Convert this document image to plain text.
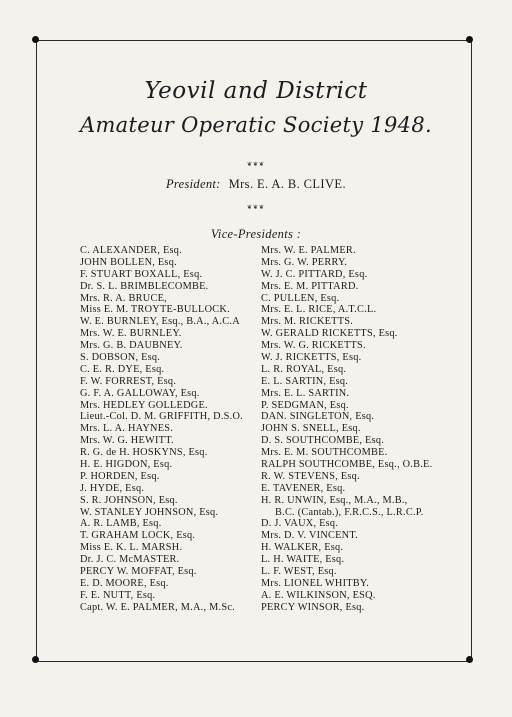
Yeovil and District
Amateur Operatic Society 1948.
❦❦❦
President: Mrs. E. A. B. CLIVE.
❦❦❦
Vice-Presidents :
C. ALEXANDER, Esq.
JOHN BOLLEN, Esq.
F. STUART BOXALL, Esq.
Dr. S. L. BRIMBLECOMBE.
Mrs. R. A. BRUCE,
Miss E. M. TROYTE-BULLOCK.
W. E. BURNLEY, Esq., B.A., A.C.A
Mrs. W. E. BURNLEY.
Mrs. G. B. DAUBNEY.
S. DOBSON, Esq.
C. E. R. DYE, Esq.
F. W. FORREST, Esq.
G. F. A. GALLOWAY, Esq.
Mrs. HEDLEY GOLLEDGE.
Lieut.-Col. D. M. GRIFFITH, D.S.O.
Mrs. L. A. HAYNES.
Mrs. W. G. HEWITT.
R. G. de H. HOSKYNS, Esq.
H. E. HIGDON, Esq.
P. HORDEN, Esq.
J. HYDE, Esq.
S. R. JOHNSON, Esq.
W. STANLEY JOHNSON, Esq.
A. R. LAMB, Esq.
T. GRAHAM LOCK, Esq.
Miss E. K. L. MARSH.
Dr. J. C. McMASTER.
PERCY W. MOFFAT, Esq.
E. D. MOORE, Esq.
F. E. NUTT, Esq.
Capt. W. E. PALMER, M.A., M.Sc.
Mrs. W. E. PALMER.
Mrs. G. W. PERRY.
W. J. C. PITTARD, Esq.
Mrs. E. M. PITTARD.
C. PULLEN, Esq.
Mrs. E. L. RICE, A.T.C.L.
Mrs. M. RICKETTS.
W. GERALD RICKETTS, Esq.
Mrs. W. G. RICKETTS.
W. J. RICKETTS, Esq.
L. R. ROYAL, Esq.
E. L. SARTIN, Esq.
Mrs. E. L. SARTIN.
P. SEDGMAN, Esq.
DAN. SINGLETON, Esq.
JOHN S. SNELL, Esq.
D. S. SOUTHCOMBE, Esq.
Mrs. E. M. SOUTHCOMBE.
RALPH SOUTHCOMBE, Esq., O.B.E.
R. W. STEVENS, Esq.
E. TAVENER, Esq.
H. R. UNWIN, Esq., M.A., M.B.,
B.C. (Cantab.), F.R.C.S., L.R.C.P.
D. J. VAUX, Esq.
Mrs. D. V. VINCENT.
H. WALKER, Esq.
L. H. WAITE, Esq.
L. F. WEST, Esq.
Mrs. LIONEL WHITBY.
A. E. WILKINSON, ESQ.
PERCY WINSOR, Esq.
